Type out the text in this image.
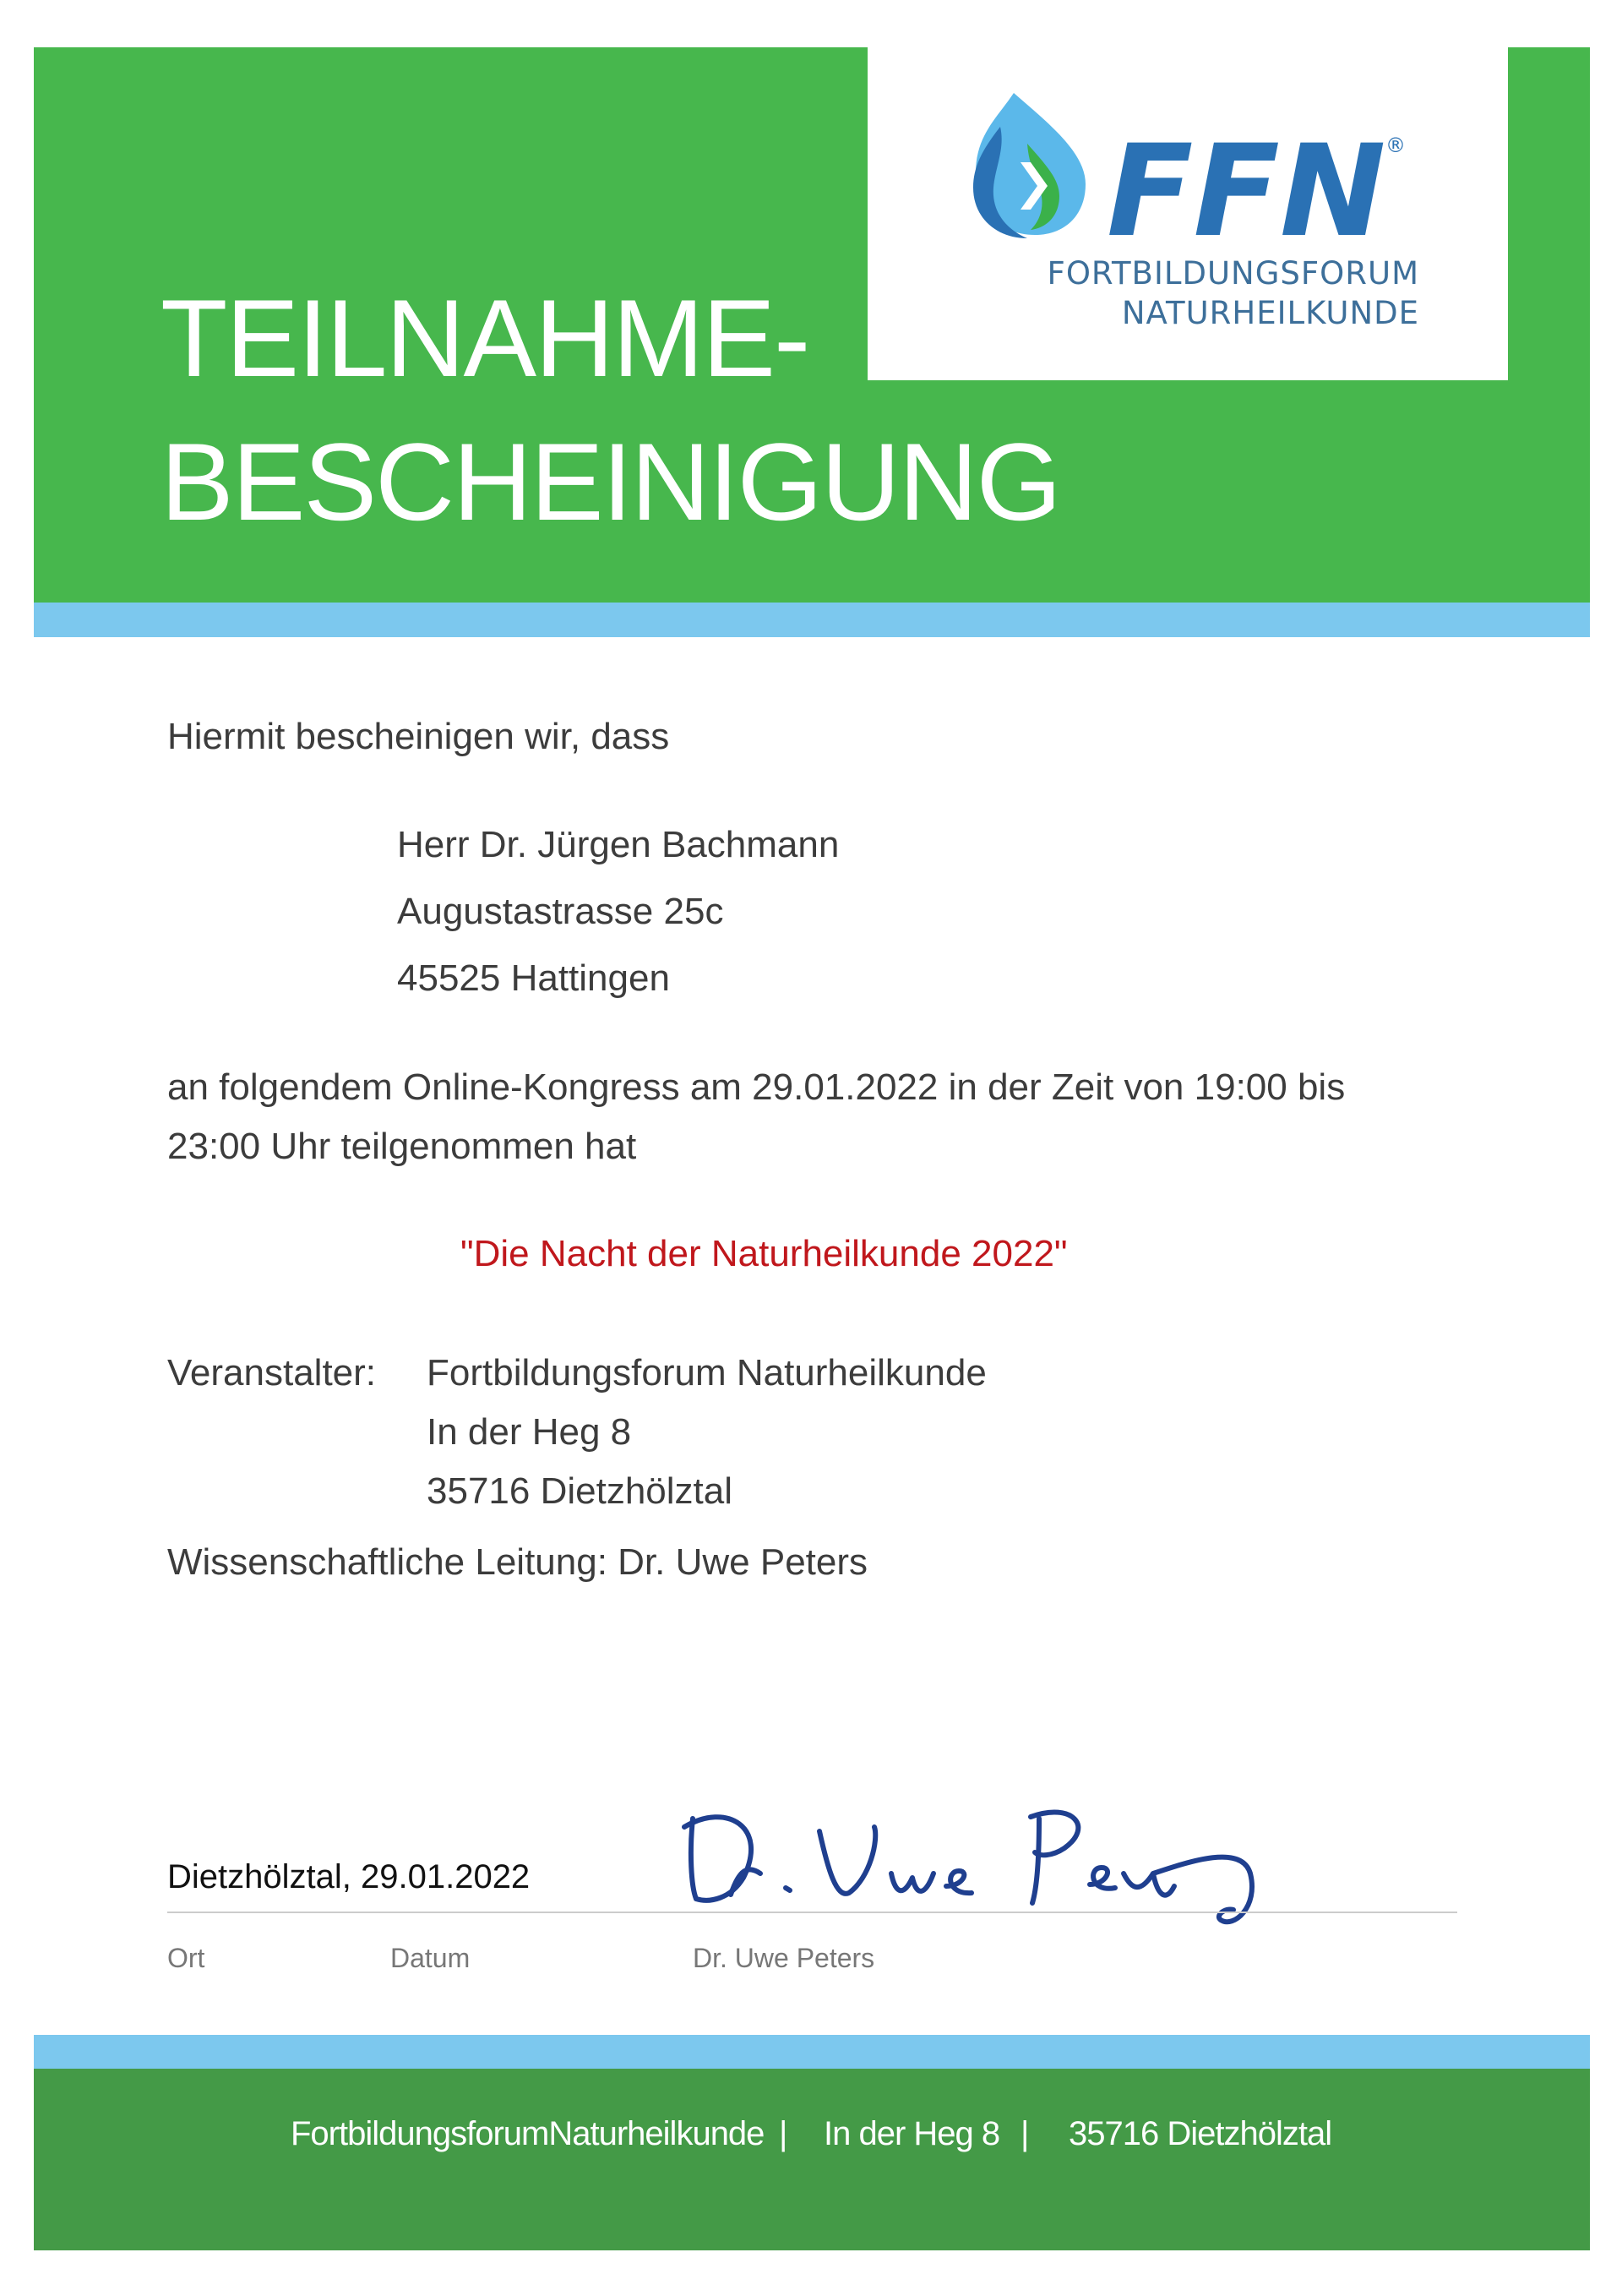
FFN ®
FORTBILDUNGSFORUM
NATURHEILKUNDE
TEILNAHME-
BESCHEINIGUNG
Hiermit bescheinigen wir, dass
Herr Dr. Jürgen Bachmann
Augustastrasse 25c
45525 Hattingen
an folgendem Online-Kongress am 29.01.2022 in der Zeit von 19:00 bis
23:00 Uhr teilgenommen hat
"Die Nacht der Naturheilkunde 2022"
Veranstalter: Fortbildungsforum Naturheilkunde
In der Heg 8
35716 Dietzhölztal
Wissenschaftliche Leitung: Dr. Uwe Peters
Dietzhölztal, 29.01.2022
Ort	Datum	Dr. Uwe Peters
FortbildungsforumNaturheilkunde | In der Heg 8 | 35716 Dietzhölztal
